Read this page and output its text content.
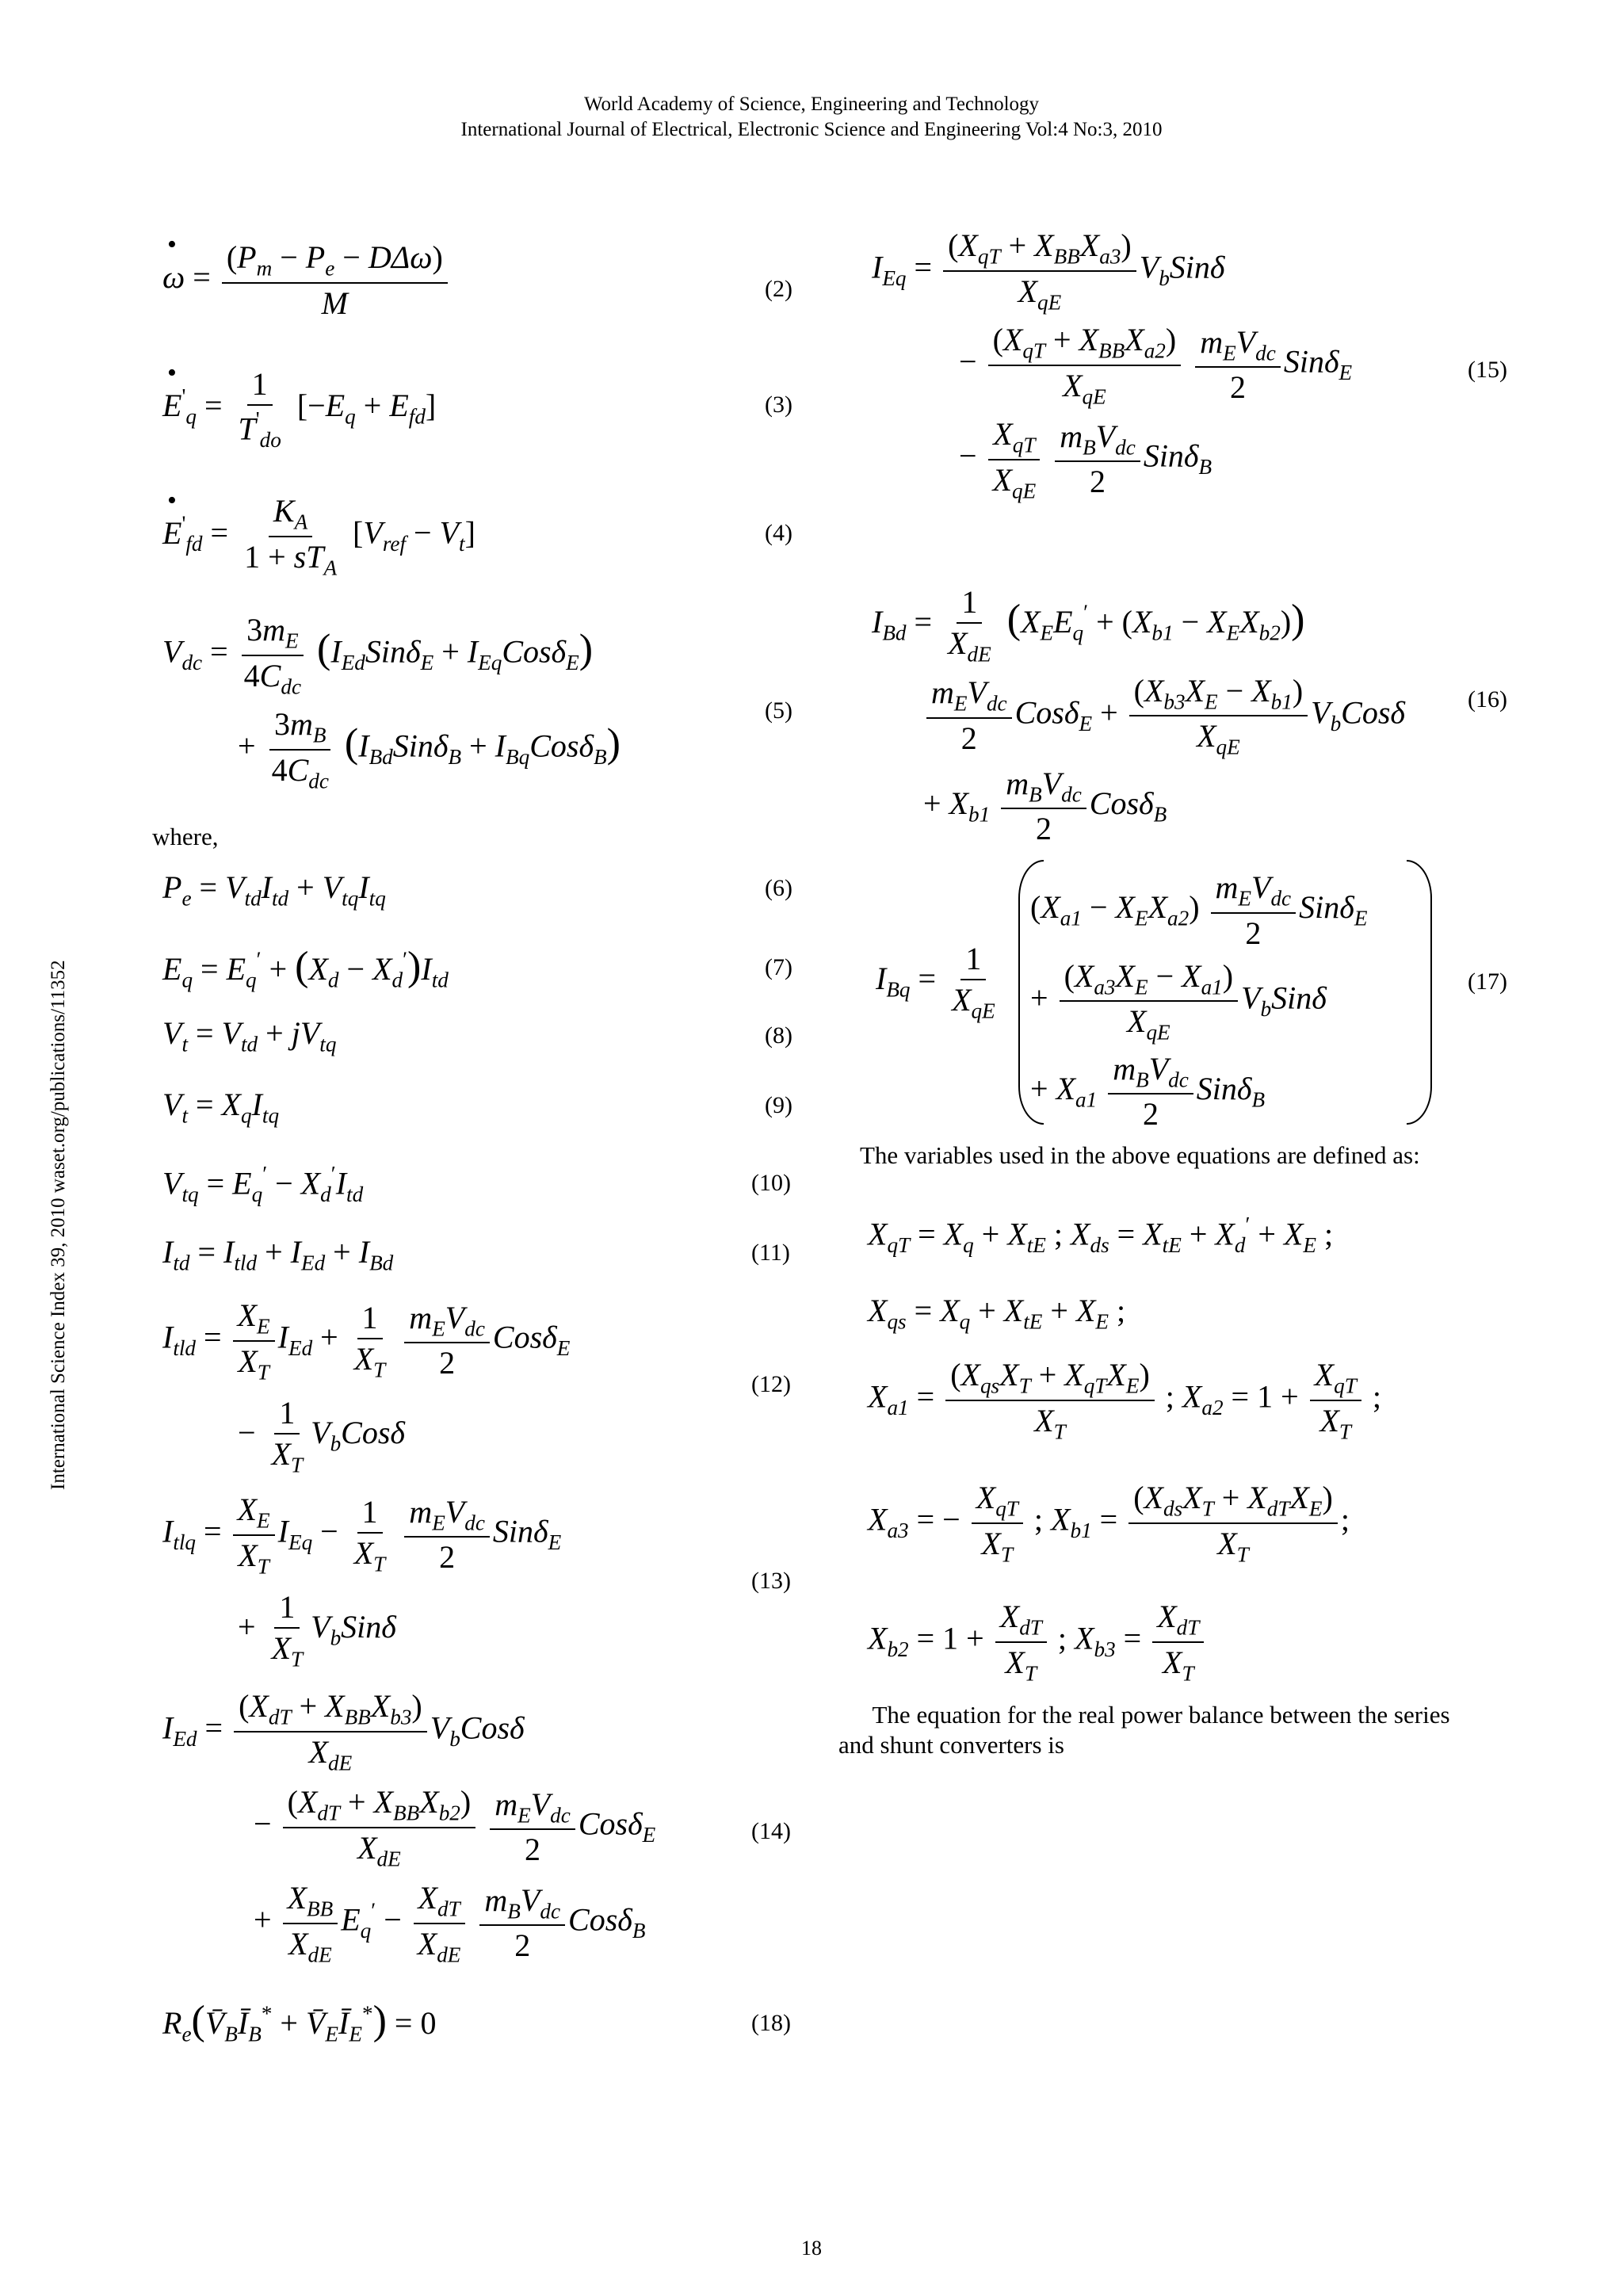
World Academy of Science, Engineering and Technology
International Journal of Electrical, Electronic Science and Engineering Vol:4 No:3, 2010
International Science Index 39, 2010 waset.org/publications/11352
• $\omega = \frac{(P_m - P_e - D\Delta\omega)}{M}$	(2)
• $E'_q = \frac{1}{T'_{do}} [-E_q + E_{fd}]$	(3)
• $E'_{fd} = \frac{K_A}{1 + sT_A} [V_{ref} - V_t]$	(4)
$V_{dc} = \frac{3m_E}{4C_{dc}} (I_{Ed}Sin\delta_E + I_{Eq}Cos\delta_E)$
+ $\frac{3m_B}{4C_{dc}} (I_{Bd}Sin\delta_B + I_{Bq}Cos\delta_B)$
(5)
where,
$P_e = V_{td}I_{td} + V_{tq}I_{tq}$	(6)
$E_q = E_q' + (X_d - X_d')I_{td}$	(7)
$V_t = V_{td} + jV_{tq}$	(8)
$V_t = X_qI_{tq}$	(9)
$V_{tq} = E_q' - X_d'I_{td}$	(10)
$I_{td} = I_{tld} + I_{Ed} + I_{Bd}$	(11)
$I_{tld} = \frac{X_E}{X_T} I_{Ed} + \frac{1}{X_T}$
$\frac{m_EV_{dc}}{2} Cos\delta_E$
− $\frac{1}{X_T} V_bCos\delta$
(12)
$I_{tlq} = \frac{X_E}{X_T} I_{Eq} - \frac{1}{X_T}$
$\frac{m_EV_{dc}}{2} Sin\delta_E$
+ $\frac{1}{X_T} V_bSin\delta$
(13)
$I_{Ed} = \frac{(X_{dT} + X_{BB}X_{b3})}{X_{dE}} V_bCos\delta$
− $\frac{(X_{dT} + X_{BB}X_{b2})}{X_{dE}}$
$\frac{m_EV_{dc}}{2} Cos\delta_E$
+ $\frac{X_{BB}}{X_{dE}} E_q' - \frac{X_{dT}}{X_{dE}}$
$\frac{m_BV_{dc}}{2} Cos\delta_B$
(14)
$R_e(V̄_BĪ_B^*$ + $V̄_EĪ_E^*) = 0$	(18)
$I_{Eq} = \frac{(X_{qT} + X_{BB}X_{a3})}{X_{qE}} V_bSin\delta$
− $\frac{(X_{qT} + X_{BB}X_{a2})}{X_{qE}}$
$\frac{m_EV_{dc}}{2} Sin\delta_E$
− $\frac{X_{qT}}{X_{qE}}$
$\frac{m_BV_{dc}}{2} Sin\delta_B$
(15)
$I_{Bd} = \frac{1}{X_{dE}} (X_EE_q' + (X_{b1} - X_EX_{b2}))$
$\frac{m_EV_{dc}}{2} Cos\delta_E + \frac{(X_{b3}X_E - X_{b1})}{X_{qE}} V_bCos\delta$
+ $X_{b1} \frac{m_BV_{dc}}{2} Cos\delta_B$
(16)
$I_{Bq} = \frac{1}{X_{qE}}$
$(X_{a1} - X_EX_{a2}) \frac{m_EV_{dc}}{2} Sin\delta_E$
+ $\frac{(X_{a3}X_E - X_{a1})}{X_{qE}} V_bSin\delta$
+ $X_{a1} \frac{m_BV_{dc}}{2} Sin\delta_B$
(17)
The variables used in the above equations are defined as:
$X_{qT} = X_q + X_{tE}$ ; $X_{ds} = X_{tE} + X_d' + X_E$ ;
$X_{qs} = X_q + X_{tE} + X_E$ ;
$X_{a1} = \frac{(X_{qs}X_T + X_{qT}X_E)}{X_T}$ ; $X_{a2} = 1 + \frac{X_{qT}}{X_T}$ ;
$X_{a3}$ = − $\frac{X_{qT}}{X_T}$ ; $X_{b1} = \frac{(X_{ds}X_T + X_{dT}X_E)}{X_T}$ ;
$X_{b2} = 1 + \frac{X_{dT}}{X_T}$ ; $X_{b3} = \frac{X_{dT}}{X_T}$
The equation for the real power balance between the series
and shunt converters is
18
